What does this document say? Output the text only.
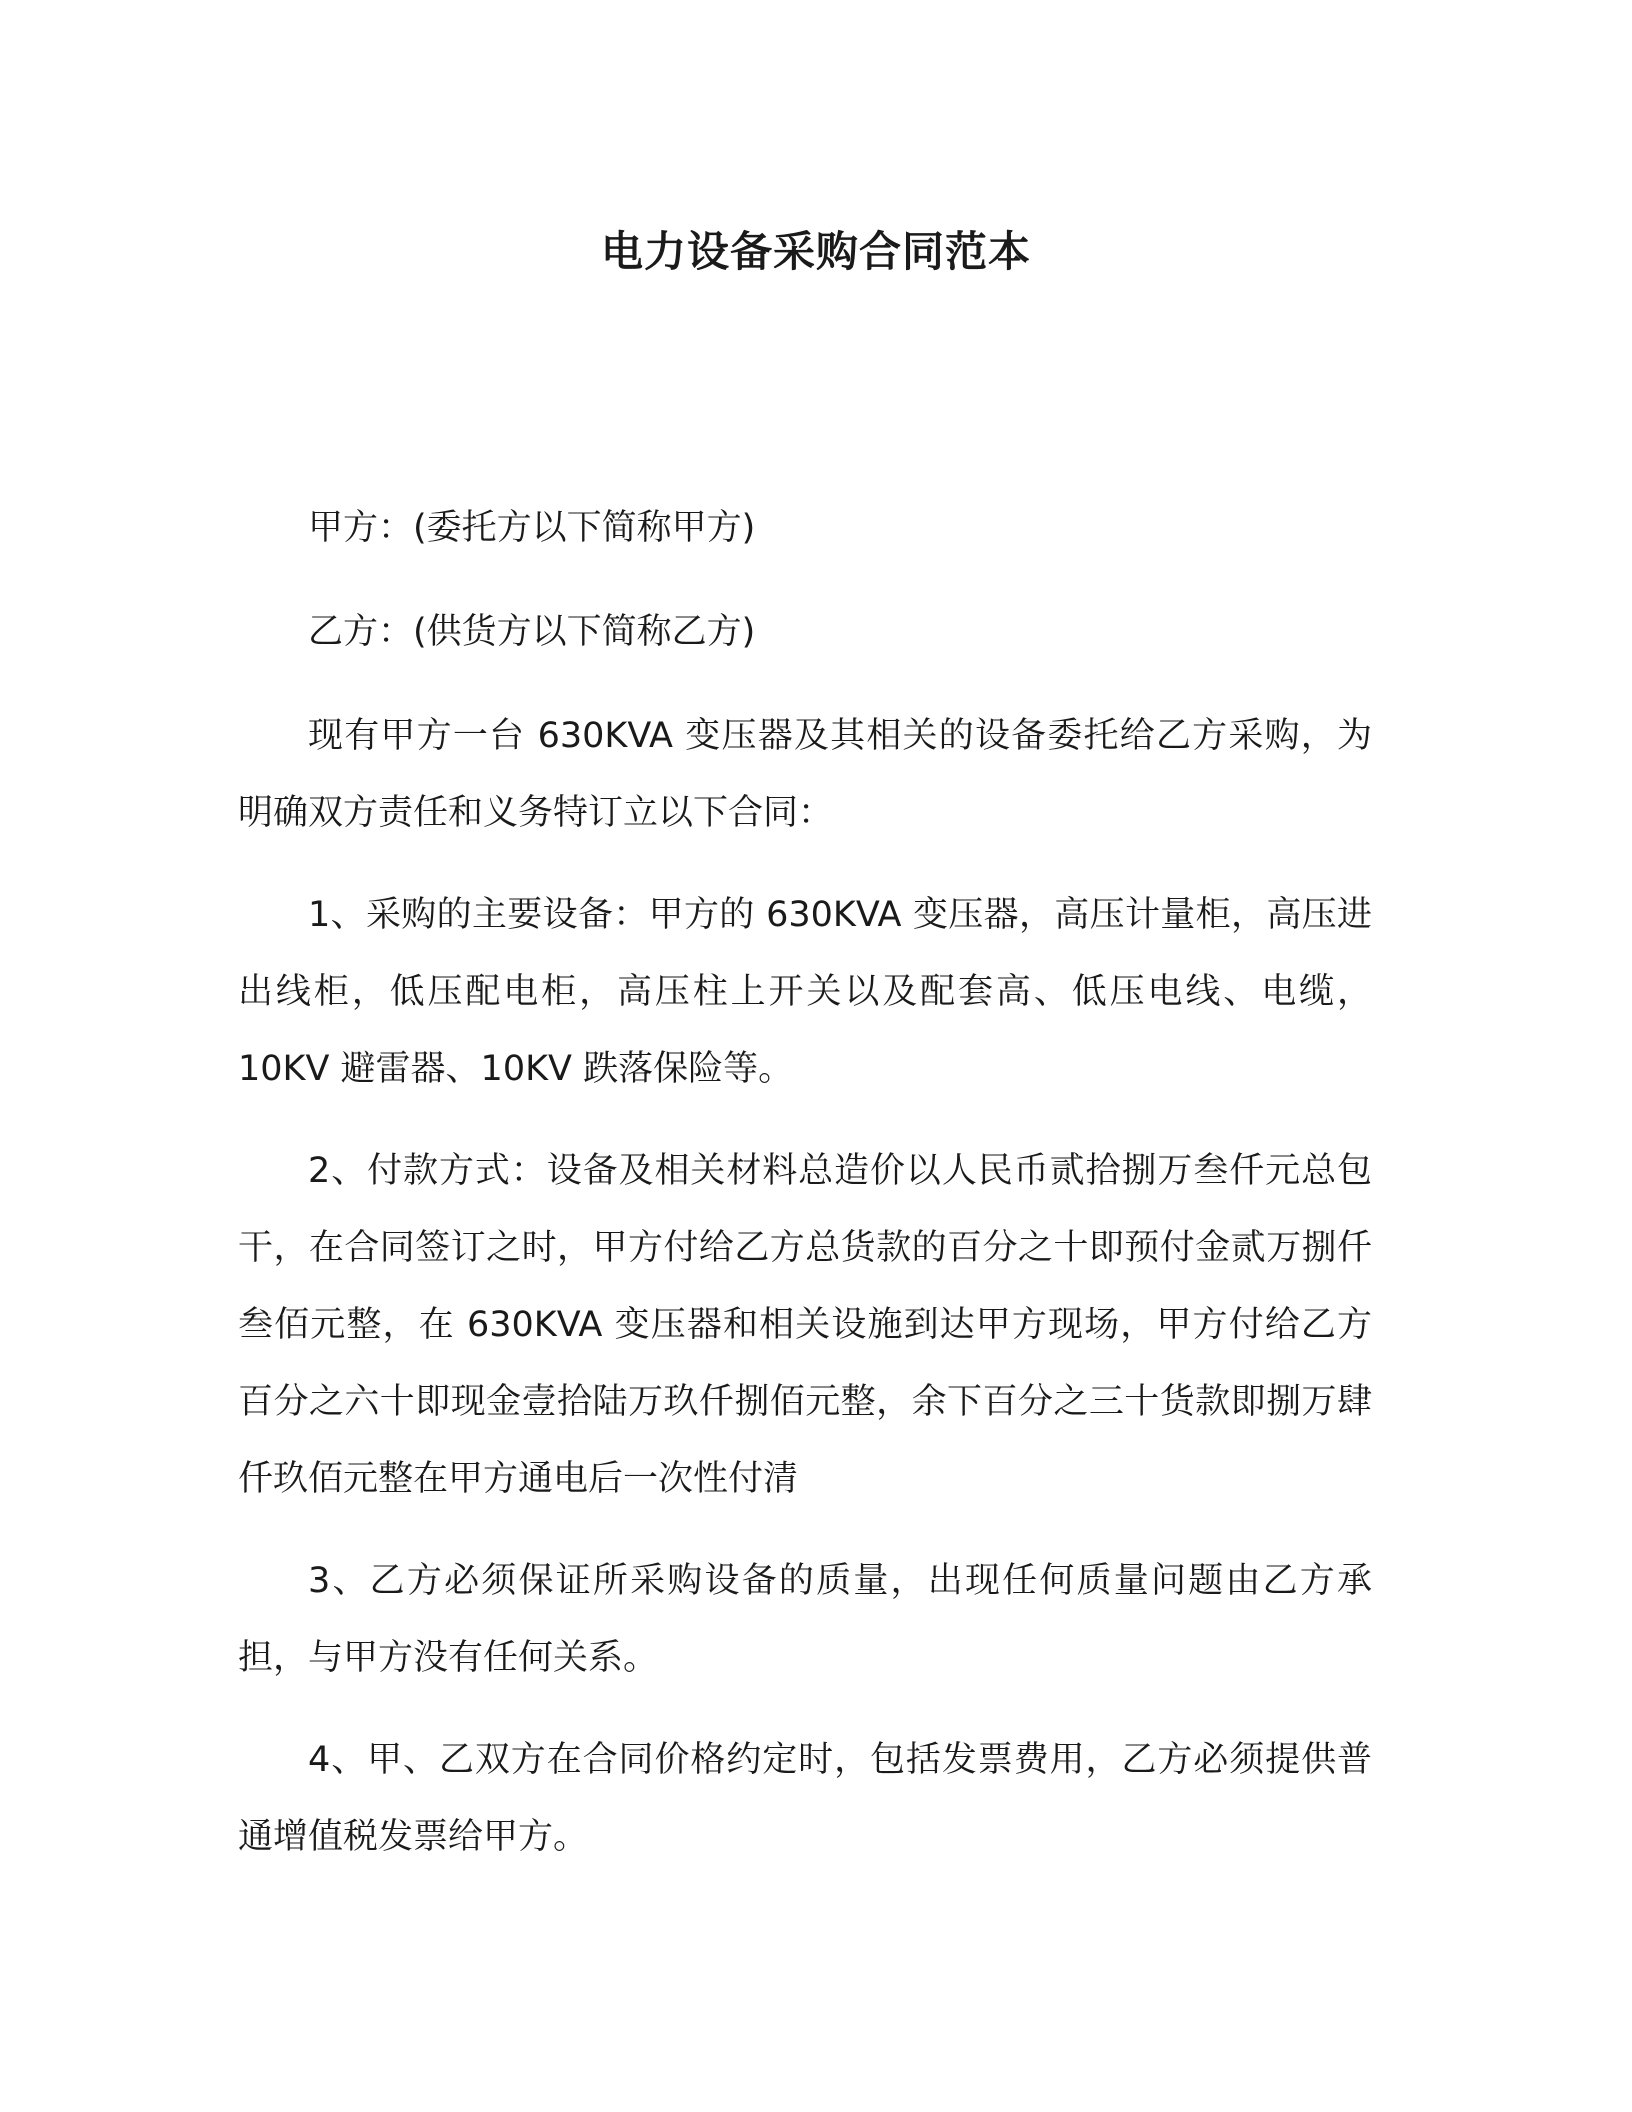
电力设备采购合同范本

甲方：(委托方以下简称甲方)

乙方：(供货方以下简称乙方)

现有甲方一台 630KVA 变压器及其相关的设备委托给乙方采购，为明确双方责任和义务特订立以下合同：

1、采购的主要设备：甲方的 630KVA 变压器，高压计量柜，高压进出线柜，低压配电柜，高压柱上开关以及配套高、低压电线、电缆，10KV 避雷器、10KV 跌落保险等。

2、付款方式：设备及相关材料总造价以人民币贰拾捌万叁仟元总包干，在合同签订之时，甲方付给乙方总货款的百分之十即预付金贰万捌仟叁佰元整，在 630KVA 变压器和相关设施到达甲方现场，甲方付给乙方百分之六十即现金壹拾陆万玖仟捌佰元整，余下百分之三十货款即捌万肆仟玖佰元整在甲方通电后一次性付清

3、乙方必须保证所采购设备的质量，出现任何质量问题由乙方承担，与甲方没有任何关系。

4、甲、乙双方在合同价格约定时，包括发票费用，乙方必须提供普通增值税发票给甲方。
